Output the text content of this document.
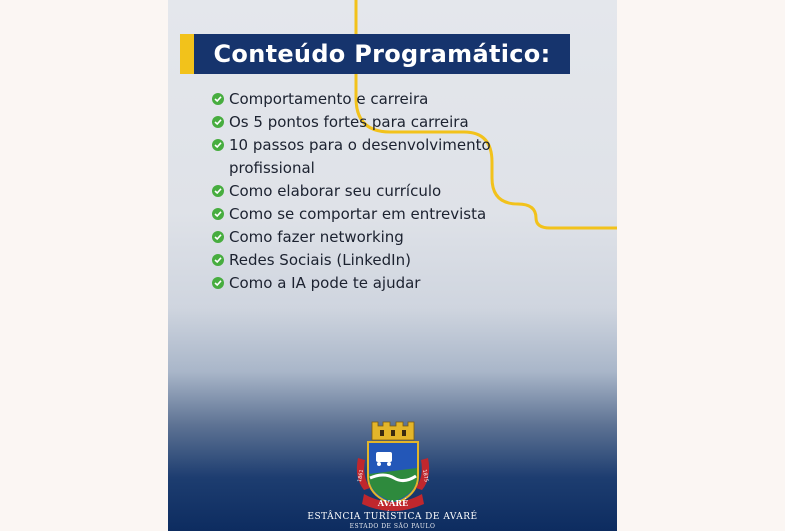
Conteúdo Programático:
Comportamento e carreira
Os 5 pontos fortes para carreira
10 passos para o desenvolvimento profissional
Como elaborar seu currículo
Como se comportar em entrevista
Como fazer networking
Redes Sociais (LinkedIn)
Como a IA pode te ajudar
AVARÉ
1861	1875
ESTÂNCIA TURÍSTICA DE AVARÉ
ESTADO DE SÃO PAULO
